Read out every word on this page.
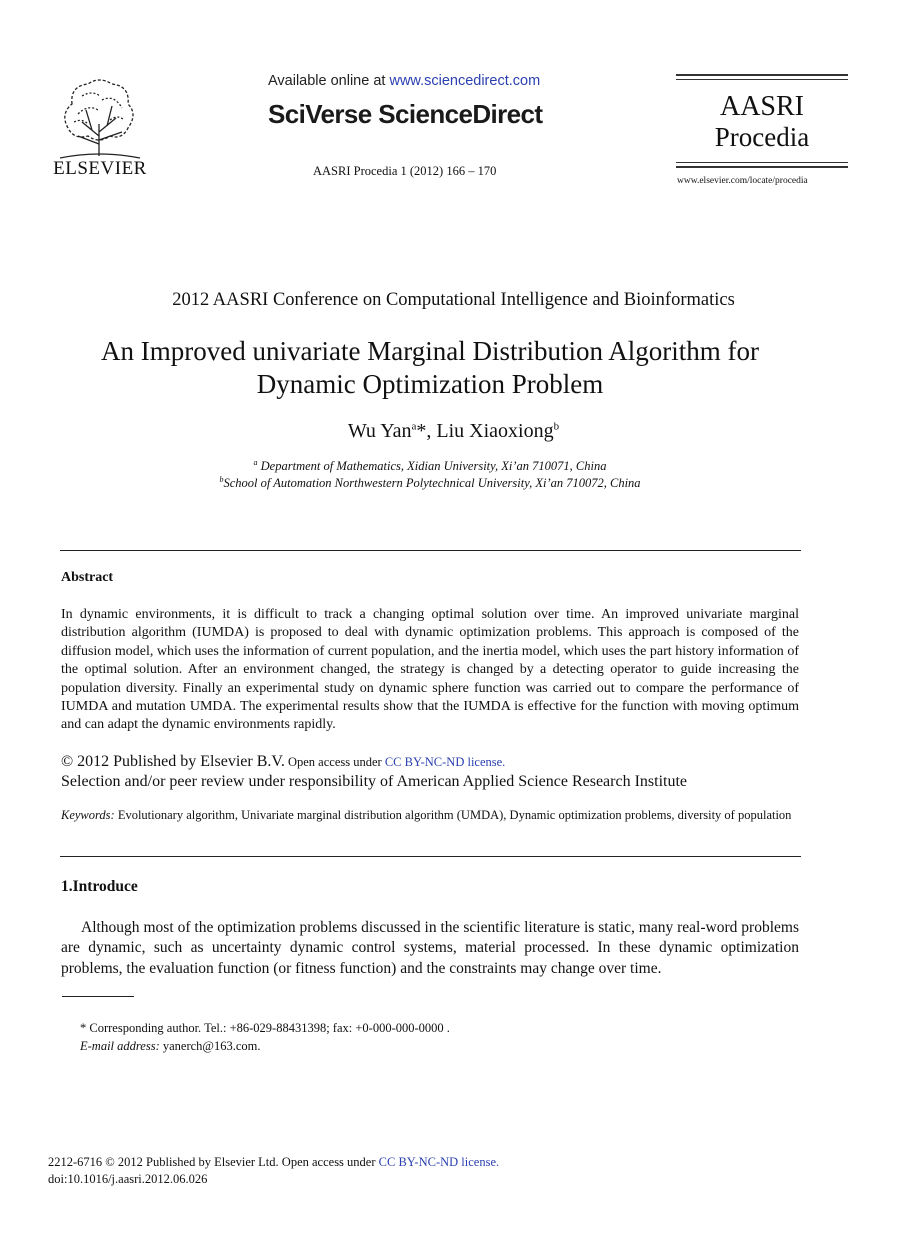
ELSEVIER
Available online at www.sciencedirect.com
SciVerse ScienceDirect
AASRI Procedia 1 (2012) 166 – 170
AASRI
Procedia
www.elsevier.com/locate/procedia
2012 AASRI Conference on Computational Intelligence and Bioinformatics
An Improved univariate Marginal Distribution Algorithm for Dynamic Optimization Problem
Wu Yan$^a$*, Liu Xiaoxiong$^b$
$^a$ Department of Mathematics, Xidian University, Xi’an 710071, China
$^b$School of Automation Northwestern Polytechnical University, Xi’an 710072, China
Abstract
In dynamic environments, it is difficult to track a changing optimal solution over time. An improved univariate marginal distribution algorithm (IUMDA) is proposed to deal with dynamic optimization problems. This approach is composed of the diffusion model, which uses the information of current population, and the inertia model, which uses the part history information of the optimal solution. After an environment changed, the strategy is changed by a detecting operator to guide increasing the population diversity. Finally an experimental study on dynamic sphere function was carried out to compare the performance of IUMDA and mutation UMDA. The experimental results show that the IUMDA is effective for the function with moving optimum and can adapt the dynamic environments rapidly.
© 2012 Published by Elsevier B.V. Open access under CC BY-NC-ND license.
Selection and/or peer review under responsibility of American Applied Science Research Institute
Keywords: Evolutionary algorithm, Univariate marginal distribution algorithm (UMDA), Dynamic optimization problems, diversity of population
1.Introduce
Although most of the optimization problems discussed in the scientific literature is static, many real-word problems are dynamic, such as uncertainty dynamic control systems, material processed. In these dynamic optimization problems, the evaluation function (or fitness function) and the constraints may change over time.
* Corresponding author. Tel.: +86-029-88431398; fax: +0-000-000-0000 .
E-mail address: yanerch@163.com.
2212-6716 © 2012 Published by Elsevier Ltd. Open access under CC BY-NC-ND license.
doi:10.1016/j.aasri.2012.06.026
